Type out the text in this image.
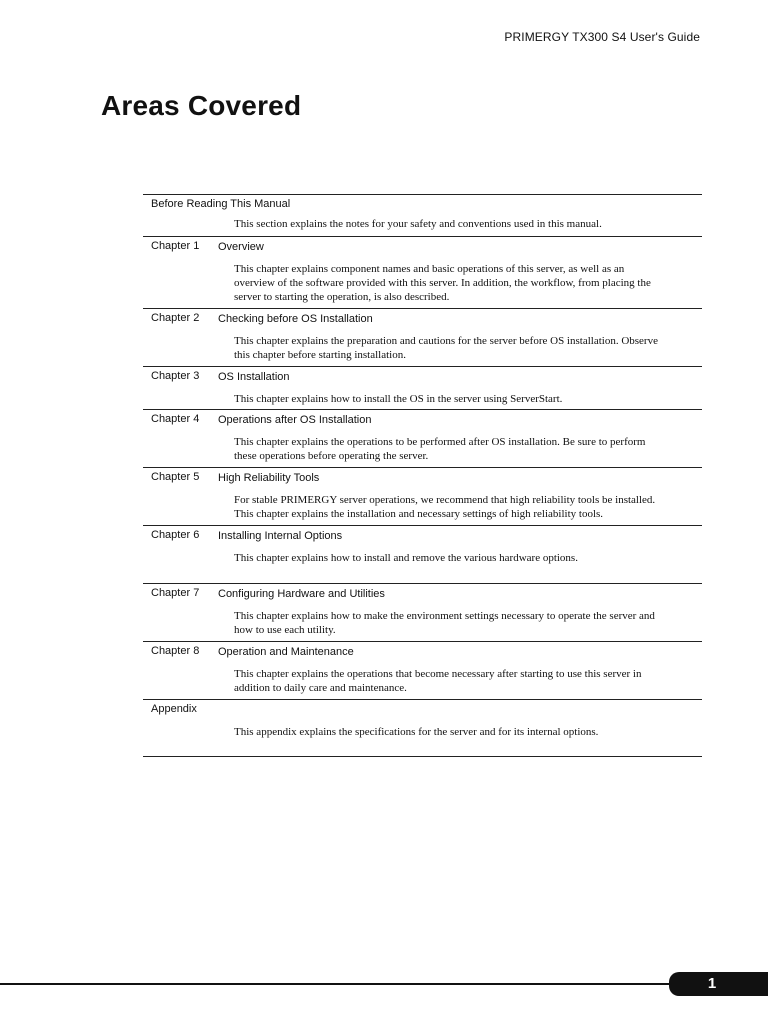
PRIMERGY TX300 S4 User's Guide
Areas Covered
Before Reading This Manual
This section explains the notes for your safety and conventions used in this manual.
Chapter 1 Overview
This chapter explains component names and basic operations of this server, as well as an
overview of the software provided with this server. In addition, the workflow, from placing the
server to starting the operation, is also described.
Chapter 2 Checking before OS Installation
This chapter explains the preparation and cautions for the server before OS installation. Observe
this chapter before starting installation.
Chapter 3 OS Installation
This chapter explains how to install the OS in the server using ServerStart.
Chapter 4 Operations after OS Installation
This chapter explains the operations to be performed after OS installation. Be sure to perform
these operations before operating the server.
Chapter 5 High Reliability Tools
For stable PRIMERGY server operations, we recommend that high reliability tools be installed.
This chapter explains the installation and necessary settings of high reliability tools.
Chapter 6 Installing Internal Options
This chapter explains how to install and remove the various hardware options.
Chapter 7 Configuring Hardware and Utilities
This chapter explains how to make the environment settings necessary to operate the server and
how to use each utility.
Chapter 8 Operation and Maintenance
This chapter explains the operations that become necessary after starting to use this server in
addition to daily care and maintenance.
Appendix
This appendix explains the specifications for the server and for its internal options.
1
